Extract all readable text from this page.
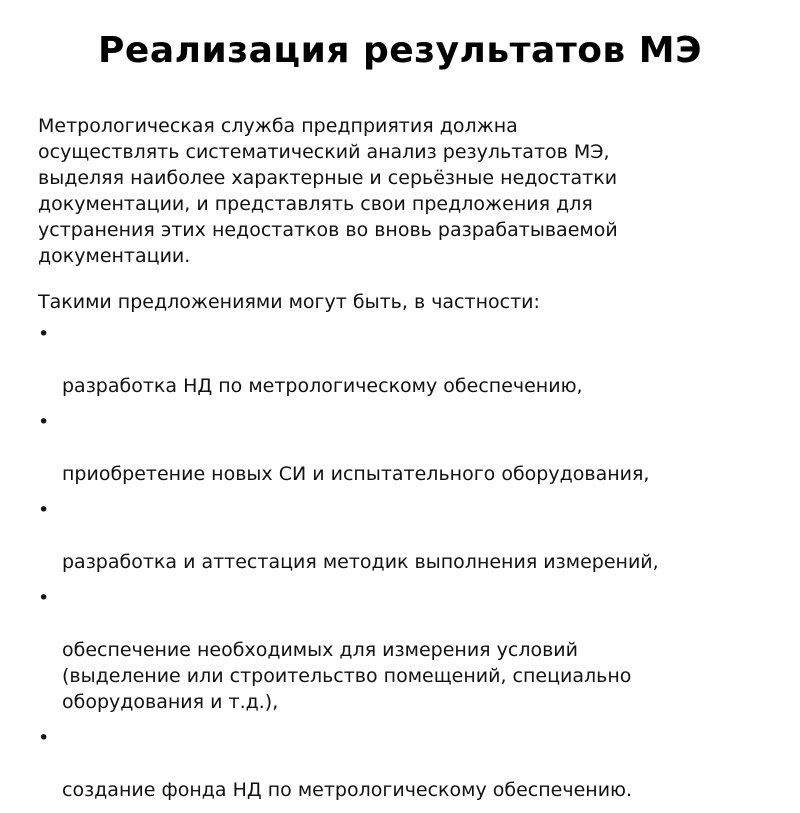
Реализация результатов МЭ

Метрологическая служба предприятия должна
осуществлять систематический анализ результатов МЭ,
выделяя наиболее характерные и серьёзные недостатки
документации, и представлять свои предложения для
устранения этих недостатков во вновь разрабатываемой
документации.

Такими предложениями могут быть, в частности:

•

разработка НД по метрологическому обеспечению,

•

приобретение новых СИ и испытательного оборудования,

•

разработка и аттестация методик выполнения измерений,

•

обеспечение необходимых для измерения условий
(выделение или строительство помещений, специально
оборудования и т.д.),

•

создание фонда НД по метрологическому обеспечению.
